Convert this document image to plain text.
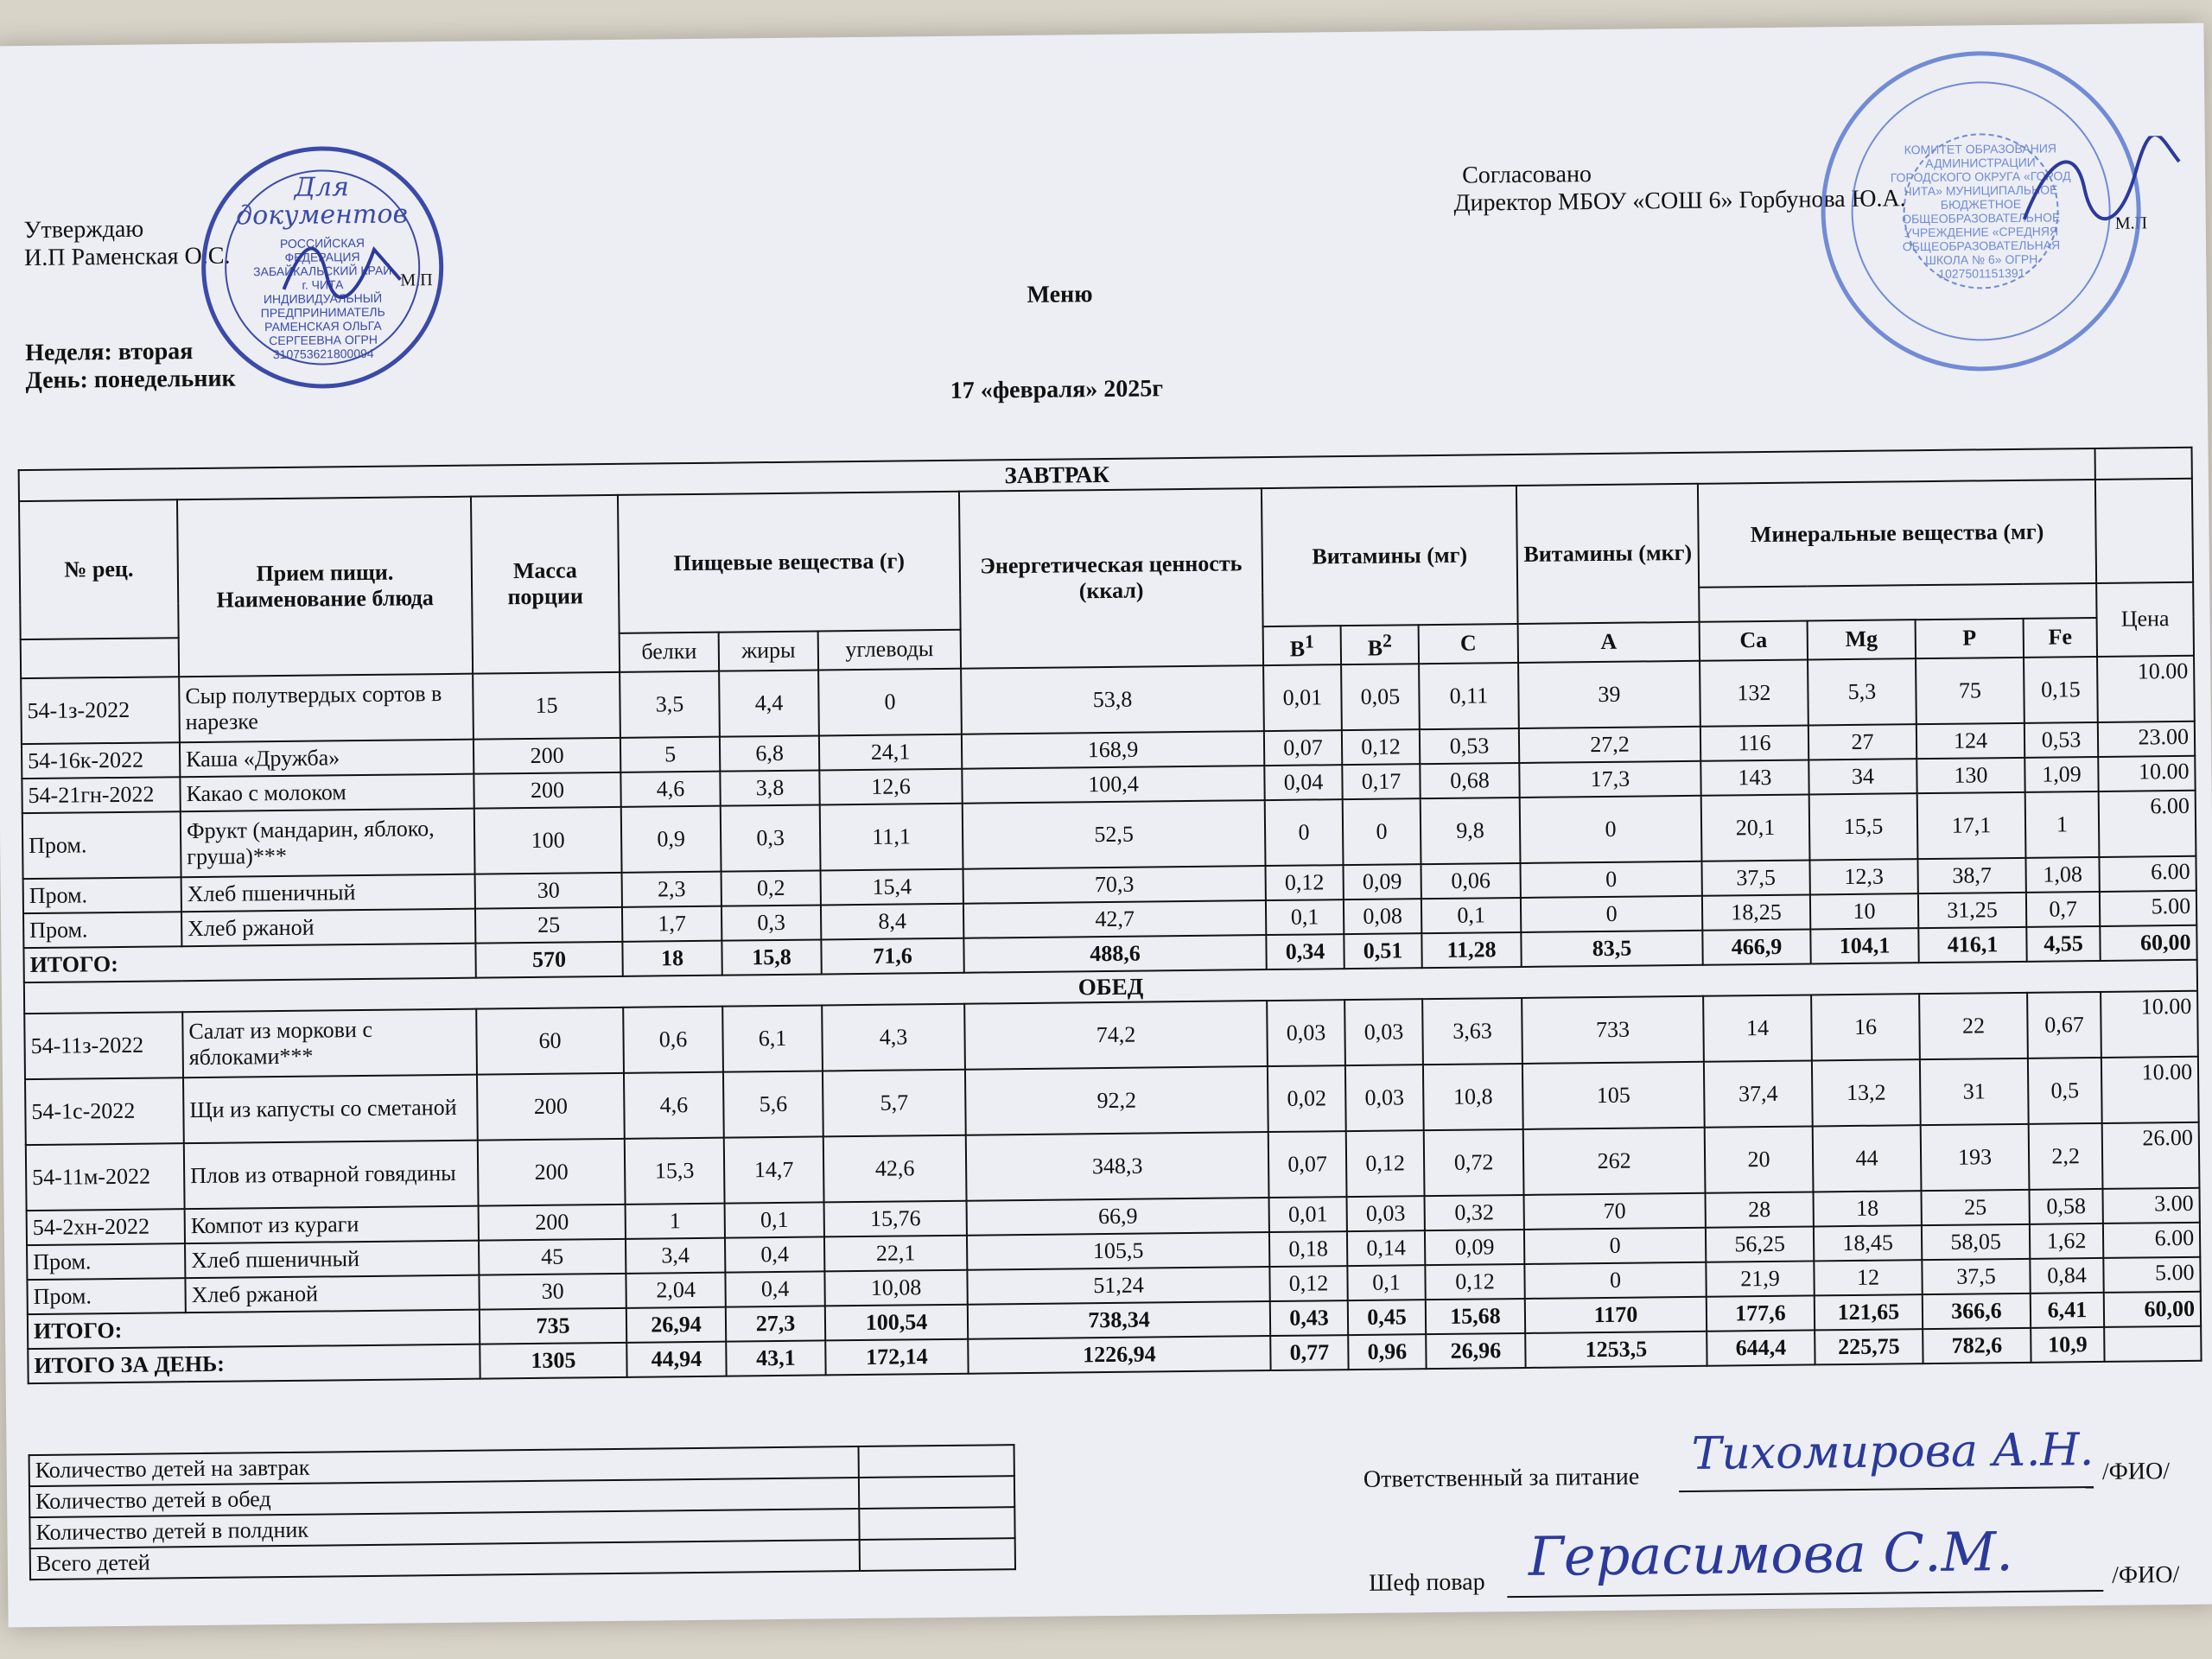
Утверждаю
И.П Раменская О.С.
М.П
Неделя: вторая
День: понедельник
Меню
17 «февраля» 2025г
Согласовано
Директор МБОУ «СОШ 6» Горбунова Ю.А.
М.П
Для документов
РОССИЙСКАЯ ФЕДЕРАЦИЯ ЗАБАЙКАЛЬСКИЙ КРАЙ г. ЧИТА ИНДИВИДУАЛЬНЫЙ ПРЕДПРИНИМАТЕЛЬ РАМЕНСКАЯ ОЛЬГА СЕРГЕЕВНА ОГРН 310753621800094
КОМИТЕТ ОБРАЗОВАНИЯ АДМИНИСТРАЦИИ ГОРОДСКОГО ОКРУГА «ГОРОД ЧИТА» МУНИЦИПАЛЬНОЕ БЮДЖЕТНОЕ ОБЩЕОБРАЗОВАТЕЛЬНОЕ УЧРЕЖДЕНИЕ «СРЕДНЯЯ ОБЩЕОБРАЗОВАТЕЛЬНАЯ ШКОЛА № 6» ОГРН 1027501151391
ЗАВТРАК															
№ рец.	Прием пищи. Наименование блюда	Масса порции	Пищевые вещества (г)			Энергетическая ценность (ккал)	Витамины (мг)			Витамины (мкг)	Минеральные вещества (мг)				
															Цена
			белки	жиры	углеводы		$B^1$	$B^2$	C	A	Ca	Mg	P	Fe	
54-1з-2022	Сыр полутвердых сортов в нарезке	15	3,5	4,4	0	53,8	0,01	0,05	0,11	39	132	5,3	75	0,15	10.00
54-16к-2022	Каша «Дружба»	200	5	6,8	24,1	168,9	0,07	0,12	0,53	27,2	116	27	124	0,53	23.00
54-21гн-2022	Какао с молоком	200	4,6	3,8	12,6	100,4	0,04	0,17	0,68	17,3	143	34	130	1,09	10.00
Пром.	Фрукт (мандарин, яблоко, груша)***	100	0,9	0,3	11,1	52,5	0	0	9,8	0	20,1	15,5	17,1	1	6.00
Пром.	Хлеб пшеничный	30	2,3	0,2	15,4	70,3	0,12	0,09	0,06	0	37,5	12,3	38,7	1,08	6.00
Пром.	Хлеб ржаной	25	1,7	0,3	8,4	42,7	0,1	0,08	0,1	0	18,25	10	31,25	0,7	5.00
ИТОГО:		570	18	15,8	71,6	488,6	0,34	0,51	11,28	83,5	466,9	104,1	416,1	4,55	60,00
ОБЕД															
54-11з-2022	Салат из моркови с яблоками***	60	0,6	6,1	4,3	74,2	0,03	0,03	3,63	733	14	16	22	0,67	10.00
54-1с-2022	Щи из капусты со сметаной	200	4,6	5,6	5,7	92,2	0,02	0,03	10,8	105	37,4	13,2	31	0,5	10.00
54-11м-2022	Плов из отварной говядины	200	15,3	14,7	42,6	348,3	0,07	0,12	0,72	262	20	44	193	2,2	26.00
54-2хн-2022	Компот из кураги	200	1	0,1	15,76	66,9	0,01	0,03	0,32	70	28	18	25	0,58	3.00
Пром.	Хлеб пшеничный	45	3,4	0,4	22,1	105,5	0,18	0,14	0,09	0	56,25	18,45	58,05	1,62	6.00
Пром.	Хлеб ржаной	30	2,04	0,4	10,08	51,24	0,12	0,1	0,12	0	21,9	12	37,5	0,84	5.00
ИТОГО:		735	26,94	27,3	100,54	738,34	0,43	0,45	15,68	1170	177,6	121,65	366,6	6,41	60,00
ИТОГО ЗА ДЕНЬ:		1305	44,94	43,1	172,14	1226,94	0,77	0,96	26,96	1253,5	644,4	225,75	782,6	10,9	
Количество детей на завтрак	
Количество детей в обед	
Количество детей в полдник	
Всего детей	
Ответственный за питание Тихомирова А.Н. /ФИО/
Шеф повар Герасимова С.М.	/ФИО/
